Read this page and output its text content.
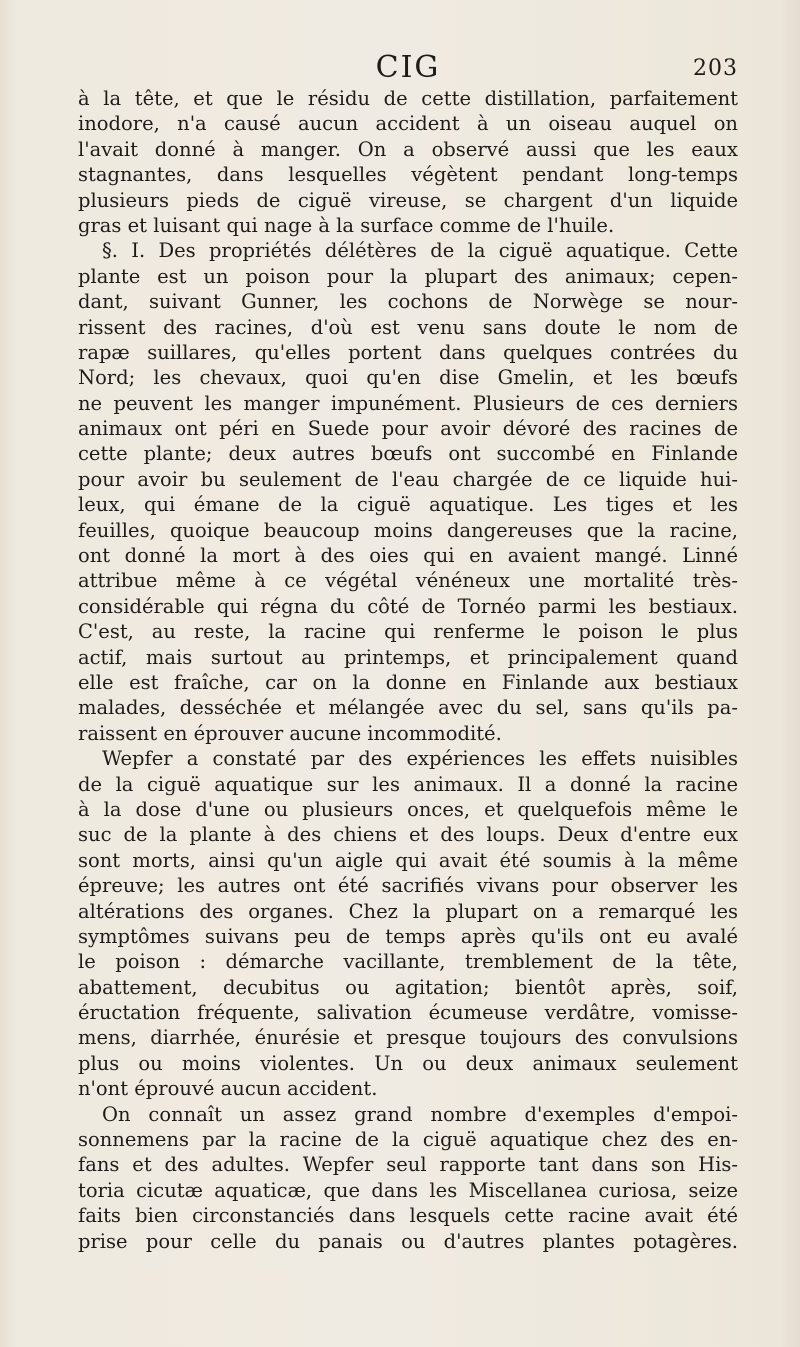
CIG	203
à la tête, et que le résidu de cette distillation, parfaitement
inodore, n'a causé aucun accident à un oiseau auquel on
l'avait donné à manger. On a observé aussi que les eaux
stagnantes, dans lesquelles végètent pendant long-temps
plusieurs pieds de ciguë vireuse, se chargent d'un liquide
gras et luisant qui nage à la surface comme de l'huile.
§. I. Des propriétés délétères de la ciguë aquatique. Cette
plante est un poison pour la plupart des animaux; cepen-
dant, suivant Gunner, les cochons de Norwège se nour-
rissent des racines, d'où est venu sans doute le nom de
rapæ suillares, qu'elles portent dans quelques contrées du
Nord; les chevaux, quoi qu'en dise Gmelin, et les bœufs
ne peuvent les manger impunément. Plusieurs de ces derniers
animaux ont péri en Suede pour avoir dévoré des racines de
cette plante; deux autres bœufs ont succombé en Finlande
pour avoir bu seulement de l'eau chargée de ce liquide hui-
leux, qui émane de la ciguë aquatique. Les tiges et les
feuilles, quoique beaucoup moins dangereuses que la racine,
ont donné la mort à des oies qui en avaient mangé. Linné
attribue même à ce végétal vénéneux une mortalité très-
considérable qui régna du côté de Tornéo parmi les bestiaux.
C'est, au reste, la racine qui renferme le poison le plus
actif, mais surtout au printemps, et principalement quand
elle est fraîche, car on la donne en Finlande aux bestiaux
malades, desséchée et mélangée avec du sel, sans qu'ils pa-
raissent en éprouver aucune incommodité.
Wepfer a constaté par des expériences les effets nuisibles
de la ciguë aquatique sur les animaux. Il a donné la racine
à la dose d'une ou plusieurs onces, et quelquefois même le
suc de la plante à des chiens et des loups. Deux d'entre eux
sont morts, ainsi qu'un aigle qui avait été soumis à la même
épreuve; les autres ont été sacrifiés vivans pour observer les
altérations des organes. Chez la plupart on a remarqué les
symptômes suivans peu de temps après qu'ils ont eu avalé
le poison : démarche vacillante, tremblement de la tête,
abattement, decubitus ou agitation; bientôt après, soif,
éructation fréquente, salivation écumeuse verdâtre, vomisse-
mens, diarrhée, énurésie et presque toujours des convulsions
plus ou moins violentes. Un ou deux animaux seulement
n'ont éprouvé aucun accident.
On connaît un assez grand nombre d'exemples d'empoi-
sonnemens par la racine de la ciguë aquatique chez des en-
fans et des adultes. Wepfer seul rapporte tant dans son His-
toria cicutæ aquaticæ, que dans les Miscellanea curiosa, seize
faits bien circonstanciés dans lesquels cette racine avait été
prise pour celle du panais ou d'autres plantes potagères.
